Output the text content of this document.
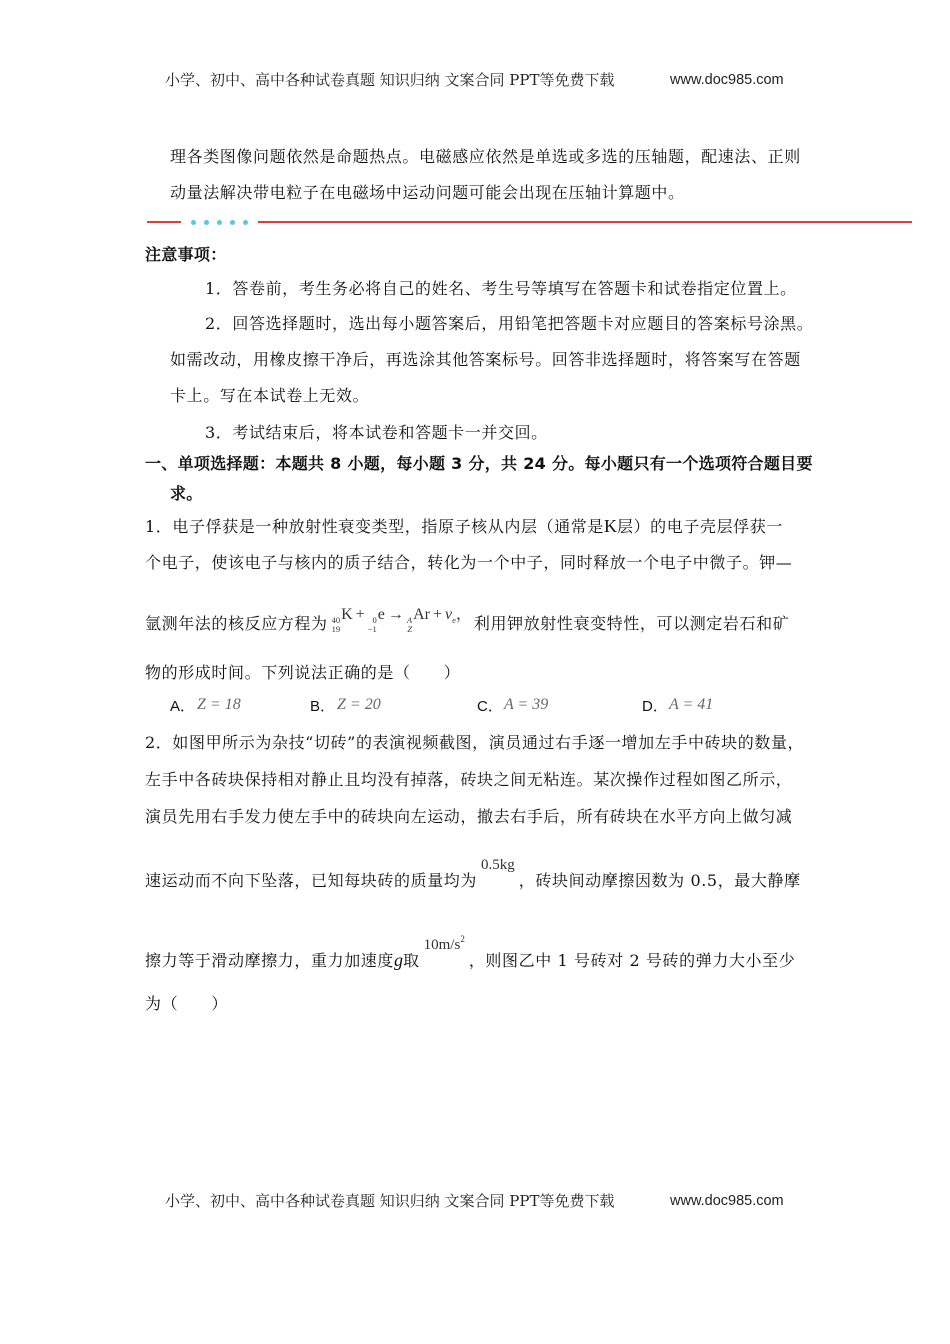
小学、初中、高中各种试卷真题 知识归纳 文案合同 PPT等免费下载	www.doc985.com

理各类图像问题依然是命题热点。电磁感应依然是单选或多选的压轴题，配速法、正则

动量法解决带电粒子在电磁场中运动问题可能会出现在压轴计算题中。

注意事项：

1．答卷前，考生务必将自己的姓名、考生号等填写在答题卡和试卷指定位置上。

2．回答选择题时，选出每小题答案后，用铅笔把答题卡对应题目的答案标号涂黑。

如需改动，用橡皮擦干净后，再选涂其他答案标号。回答非选择题时，将答案写在答题

卡上。写在本试卷上无效。

3．考试结束后，将本试卷和答题卡一并交回。

一、单项选择题：本题共 8 小题，每小题 3 分，共 24 分。每小题只有一个选项符合题目要

求。

1．电子俘获是一种放射性衰变类型，指原子核从内层（通常是K层）的电子壳层俘获一

个电子，使该电子与核内的质子结合，转化为一个中子，同时释放一个电子中微子。钾—

氩测年法的核反应方程为 40
19
K + 0
−1
e → A
Z
$Ar + \nu_e$， 利用钾放射性衰变特性，可以测定岩石和矿

物的形成时间。下列说法正确的是（　　）

A． Z = 18	B． Z = 20	C． A = 39	D． A = 41

2．如图甲所示为杂技“切砖”的表演视频截图，演员通过右手逐一增加左手中砖块的数量，

左手中各砖块保持相对静止且均没有掉落，砖块之间无粘连。某次操作过程如图乙所示，

演员先用右手发力使左手中的砖块向左运动，撤去右手后，所有砖块在水平方向上做匀减

速运动而不向下坠落，已知每块砖的质量均为0.5kg，砖块间动摩擦因数为 0.5，最大静摩

擦力等于滑动摩擦力，重力加速度g取$10m/s^2$，则图乙中 1 号砖对 2 号砖的弹力大小至少

为（　　）

小学、初中、高中各种试卷真题 知识归纳 文案合同 PPT等免费下载	www.doc985.com
